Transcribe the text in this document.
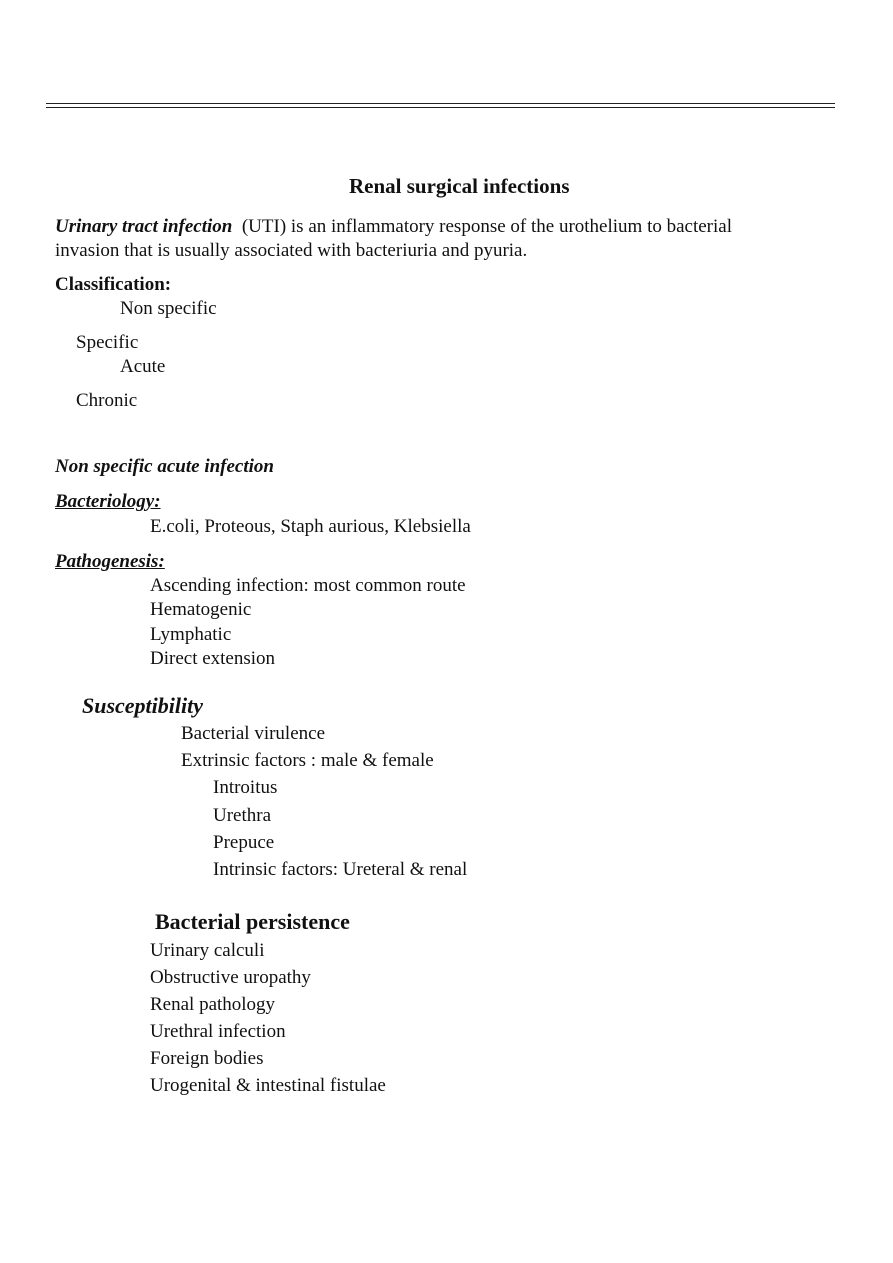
Renal surgical infections
Urinary tract infection (UTI) is an inflammatory response of the urothelium to bacterial
invasion that is usually associated with bacteriuria and pyuria.
Classification:
Non specific
Specific
Acute
Chronic
Non specific acute infection
Bacteriology:
E.coli, Proteous, Staph aurious, Klebsiella
Pathogenesis:
Ascending infection: most common route
Hematogenic
Lymphatic
Direct extension
Susceptibility
Bacterial virulence
Extrinsic factors : male & female
Introitus
Urethra
Prepuce
Intrinsic factors: Ureteral & renal
Bacterial persistence
Urinary calculi
Obstructive uropathy
Renal pathology
Urethral infection
Foreign bodies
Urogenital & intestinal fistulae
